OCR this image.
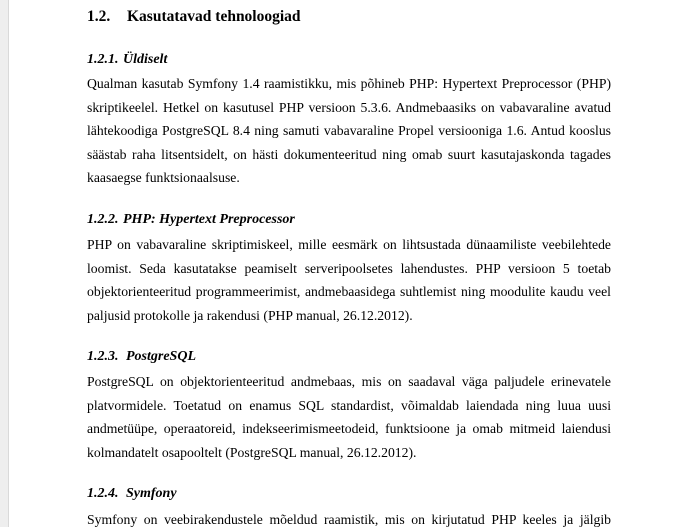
1.2. Kasutatavad tehnoloogiad
1.2.1. Üldiselt
Qualman kasutab Symfony 1.4 raamistikku, mis põhineb PHP: Hypertext Preprocessor (PHP)
skriptikeelel. Hetkel on kasutusel PHP versioon 5.3.6. Andmebaasiks on vabavaraline avatud
lähtekoodiga PostgreSQL 8.4 ning samuti vabavaraline Propel versiooniga 1.6. Antud kooslus
säästab raha litsentsidelt, on hästi dokumenteeritud ning omab suurt kasutajaskonda tagades
kaasaegse funktsionaalsuse.
1.2.2. PHP: Hypertext Preprocessor
PHP on vabavaraline skriptimiskeel, mille eesmärk on lihtsustada dünaamiliste veebilehtede
loomist. Seda kasutatakse peamiselt serveripoolsetes lahendustes. PHP versioon 5 toetab
objektorienteeritud programmeerimist, andmebaasidega suhtlemist ning moodulite kaudu veel
paljusid protokolle ja rakendusi (PHP manual, 26.12.2012).
1.2.3. PostgreSQL
PostgreSQL on objektorienteeritud andmebaas, mis on saadaval väga paljudele erinevatele
platvormidele. Toetatud on enamus SQL standardist, võimaldab laiendada ning luua uusi
andmetüüpe, operaatoreid, indekseerimismeetodeid, funktsioone ja omab mitmeid laiendusi
kolmandatelt osapooltelt (PostgreSQL manual, 26.12.2012).
1.2.4. Symfony
Symfony on veebirakendustele mõeldud raamistik, mis on kirjutatud PHP keeles ja jälgib
